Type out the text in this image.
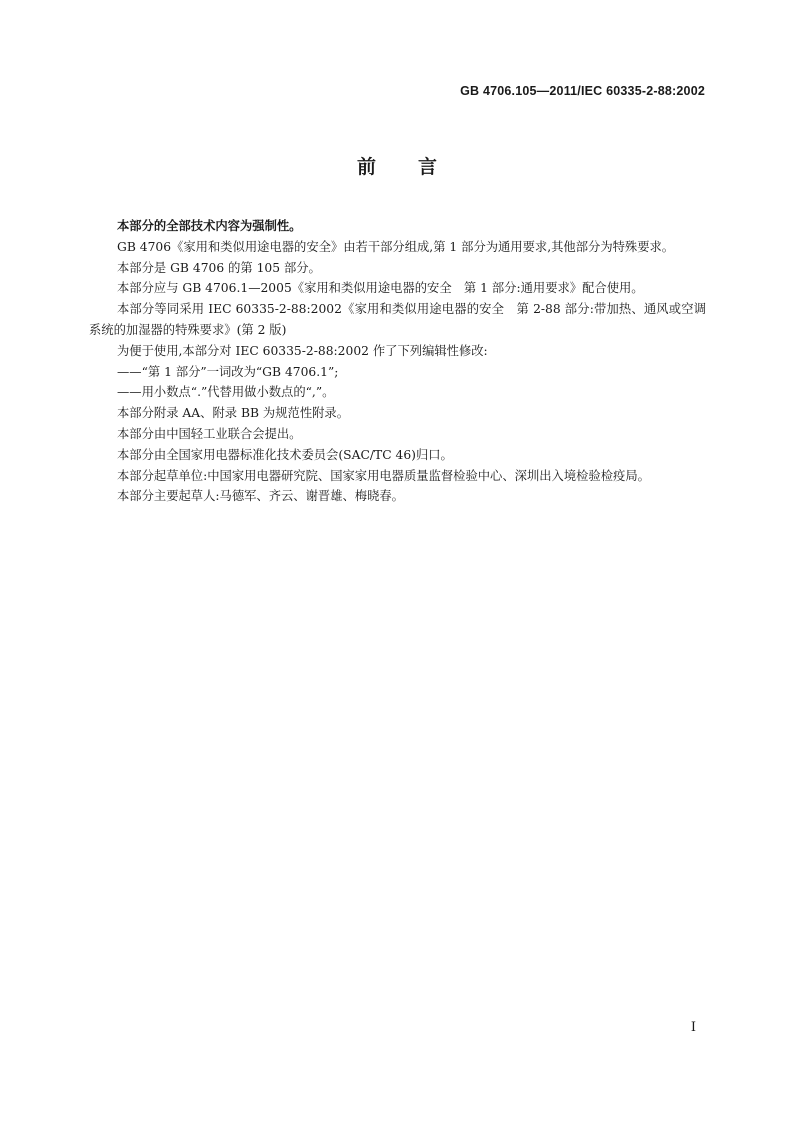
GB 4706.105—2011/IEC 60335-2-88:2002
前 言

本部分的全部技术内容为强制性。

GB 4706《家用和类似用途电器的安全》由若干部分组成,第 1 部分为通用要求,其他部分为特殊要求。

本部分是 GB 4706 的第 105 部分。

本部分应与 GB 4706.1—2005《家用和类似用途电器的安全　第 1 部分:通用要求》配合使用。

本部分等同采用 IEC 60335-2-88:2002《家用和类似用途电器的安全　第 2-88 部分:带加热、通风或空调系统的加湿器的特殊要求》(第 2 版)

为便于使用,本部分对 IEC 60335-2-88:2002 作了下列编辑性修改:

——“第 1 部分”一词改为“GB 4706.1”;

——用小数点“.”代替用做小数点的“,”。

本部分附录 AA、附录 BB 为规范性附录。

本部分由中国轻工业联合会提出。

本部分由全国家用电器标准化技术委员会(SAC/TC 46)归口。

本部分起草单位:中国家用电器研究院、国家家用电器质量监督检验中心、深圳出入境检验检疫局。

本部分主要起草人:马德军、齐云、谢晋雄、梅晓春。

I
